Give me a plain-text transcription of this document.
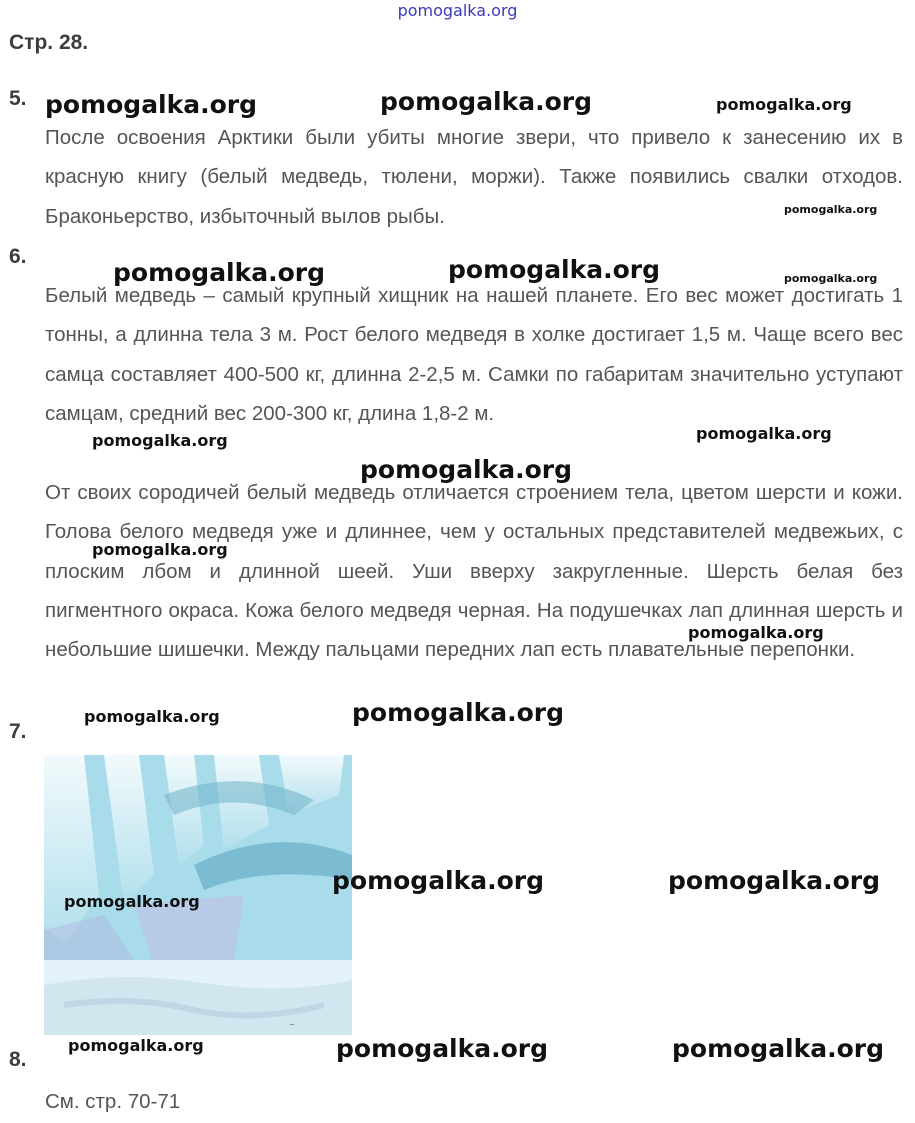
pomogalka.org
Стр. 28.
5.
После освоения Арктики были убиты многие звери, что привело к занесению их в красную книгу (белый медведь, тюлени, моржи). Также появились свалки отходов. Браконьерство, избыточный вылов рыбы.
6.
Белый медведь – самый крупный хищник на нашей планете. Его вес может достигать 1 тонны, а длинна тела 3 м. Рост белого медведя в холке достигает 1,5 м. Чаще всего вес самца составляет 400-500 кг, длинна 2-2,5 м. Самки по габаритам значительно уступают самцам, средний вес 200-300 кг, длина 1,8-2 м.
От своих сородичей белый медведь отличается строением тела, цветом шерсти и кожи. Голова белого медведя уже и длиннее, чем у остальных представителей медвежьих, с плоским лбом и длинной шеей. Уши вверху закругленные. Шерсть белая без пигментного окраса. Кожа белого медведя черная. На подушечках лап длинная шерсть и небольшие шишечки. Между пальцами передних лап есть плавательные перепонки.
7.
~
8.
См. стр. 70-71
pomogalka.org	pomogalka.org	pomogalka.org
pomogalka.org
pomogalka.org	pomogalka.org	pomogalka.org
pomogalka.org	pomogalka.org
pomogalka.org
pomogalka.org
pomogalka.org
pomogalka.org	pomogalka.org
pomogalka.org	pomogalka.org
pomogalka.org
pomogalka.org	pomogalka.org	pomogalka.org
